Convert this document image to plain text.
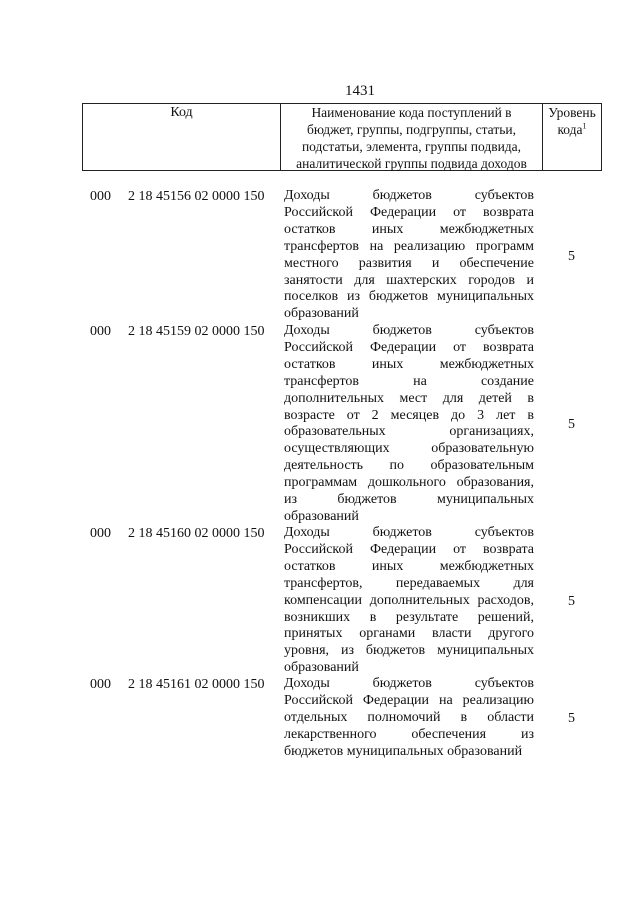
1431
Код	Наименование кода поступлений в
бюджет, группы, подгруппы, статьи,
подстатьи, элемента, группы подвида,
аналитической группы подвида доходов
Уровень
кода$^1$
000 2 18 45156 02 0000 150 Доходы бюджетов субъектов
Российской Федерации от возврата
остатков иных межбюджетных
трансфертов на реализацию программ
местного развития и обеспечение
занятости для шахтерских городов и
поселков из бюджетов муниципальных
образований
5
000 2 18 45159 02 0000 150 Доходы бюджетов субъектов
Российской Федерации от возврата
остатков иных межбюджетных
трансфертов на создание
дополнительных мест для детей в
возрасте от 2 месяцев до 3 лет в
образовательных организациях,
осуществляющих образовательную
деятельность по образовательным
программам дошкольного образования,
из бюджетов муниципальных
образований
5
000 2 18 45160 02 0000 150 Доходы бюджетов субъектов
Российской Федерации от возврата
остатков иных межбюджетных
трансфертов, передаваемых для
компенсации дополнительных расходов,
возникших в результате решений,
принятых органами власти другого
уровня, из бюджетов муниципальных
образований
5
000 2 18 45161 02 0000 150 Доходы бюджетов субъектов
Российской Федерации на реализацию
отдельных полномочий в области
лекарственного обеспечения из
бюджетов муниципальных образований
5
